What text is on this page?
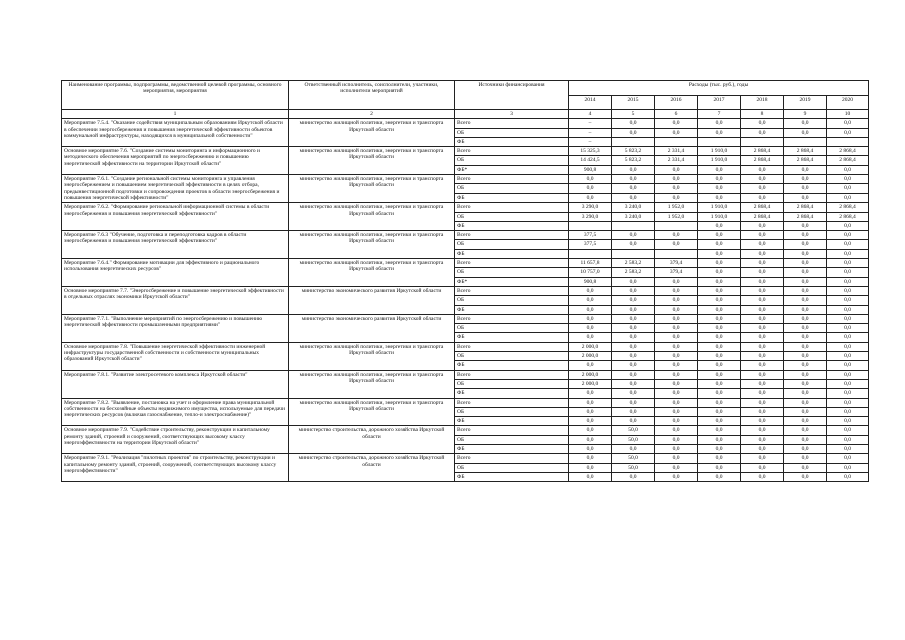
Наименование программы, подпрограммы, ведомственной целевой программы, основного мероприятия, мероприятия	Ответственный исполнитель, соисполнители, участники, исполнители мероприятий	Источники финансирования	Расходы (тыс. руб.), годы						
			2014	2015	2016	2017	2018	2019	2020
1	2	3	4	5	6	7	8	9	10
Мероприятие 7.5.4. "Оказание содействия муниципальным образованиям Иркутской области в обеспечении энергосбережения и повышения энергетической эффективности объектов коммунальной инфраструктуры, находящихся в муниципальной собственности"	министерство жилищной политики, энергетики и транспорта Иркутской области	Всего	–	0,0	0,0	0,0	0,0	0,0	0,0
		ОБ	–	0,0	0,0	0,0	0,0	0,0	0,0
		ФБ	–						
Основное мероприятие 7.6. "Создание системы мониторинга и информационного и методического обеспечения мероприятий по энергосбережению и повышению энергетической эффективности на территории Иркутской области"	министерство жилищной политики, энергетики и транспорта Иркутской области	Всего	15 325,3	5 823,2	2 331,4	1 910,0	2 868,4	2 868,4	2 868,4
		ОБ	14 424,5	5 823,2	2 331,4	1 910,0	2 868,4	2 868,4	2 868,4
		ФБ*	900,8	0,0	0,0	0,0	0,0	0,0	0,0
Мероприятие 7.6.1. "Создание региональной системы мониторинга и управления энергосбережением и повышением энергетической эффективности в целях отбора, предынвестиционной подготовки и сопровождения проектов в области энергосбережения и повышения энергетической эффективности"	министерство жилищной политики, энергетики и транспорта Иркутской области	Всего	0,0	0,0	0,0	0,0	0,0	0,0	0,0
		ОБ	0,0	0,0	0,0	0,0	0,0	0,0	0,0
		ФБ	0,0	0,0	0,0	0,0	0,0	0,0	0,0
Мероприятие 7.6.2. "Формирование региональной информационной системы в области энергосбережения и повышения энергетической эффективности"	министерство жилищной политики, энергетики и транспорта Иркутской области	Всего	3 290,0	3 240,0	1 952,0	1 910,0	2 868,4	2 868,4	2 868,4
		ОБ	3 290,0	3 240,0	1 952,0	1 910,0	2 868,4	2 868,4	2 868,4
		ФБ				0,0	0,0	0,0	0,0
Мероприятие 7.6.3 "Обучение, подготовка и переподготовка кадров в области энергосбережения и повышения энергетической эффективности"	министерство жилищной политики, энергетики и транспорта Иркутской области	Всего	377,5	0,0	0,0	0,0	0,0	0,0	0,0
		ОБ	377,5	0,0	0,0	0,0	0,0	0,0	0,0
		ФБ				0,0	0,0	0,0	0,0
Мероприятие 7.6.4." Формирование мотивации для эффективного и рационального использования энергетических ресурсов"	министерство жилищной политики, энергетики и транспорта Иркутской области	Всего	11 657,8	2 583,2	379,4	0,0	0,0	0,0	0,0
		ОБ	10 757,0	2 583,2	379,4	0,0	0,0	0,0	0,0
		ФБ*	900,8	0,0	0,0	0,0	0,0	0,0	0,0
Основное мероприятие 7.7. "Энергосбережение и повышение энергетической эффективности в отдельных отраслях экономики Иркутской области"	министерство экономического развития Иркутской области	Всего	0,0	0,0	0,0	0,0	0,0	0,0	0,0
		ОБ	0,0	0,0	0,0	0,0	0,0	0,0	0,0
		ФБ	0,0	0,0	0,0	0,0	0,0	0,0	0,0
Мероприятие 7.7.1. "Выполнение мероприятий по энергосбережению и повышению энергетической эффективности промышленными предприятиями"	министерство экономического развития Иркутской области	Всего	0,0	0,0	0,0	0,0	0,0	0,0	0,0
		ОБ	0,0	0,0	0,0	0,0	0,0	0,0	0,0
		ФБ	0,0	0,0	0,0	0,0	0,0	0,0	0,0
Основное мероприятие 7.8. "Повышение энергетической эффективности инженерной инфраструктуры государственной собственности и собственности муниципальных образований Иркутской области"	министерство жилищной политики, энергетики и транспорта Иркутской области	Всего	2 000,0	0,0	0,0	0,0	0,0	0,0	0,0
		ОБ	2 000,0	0,0	0,0	0,0	0,0	0,0	0,0
		ФБ	0,0	0,0	0,0	0,0	0,0	0,0	0,0
Мероприятие 7.8.1. "Развитие электросетевого комплекса Иркутской области"	министерство жилищной политики, энергетики и транспорта Иркутской области	Всего	2 000,0	0,0	0,0	0,0	0,0	0,0	0,0
		ОБ	2 000,0	0,0	0,0	0,0	0,0	0,0	0,0
		ФБ	0,0	0,0	0,0	0,0	0,0	0,0	0,0
Мероприятие 7.8.2. "Выявление, постановка на учет и оформление права муниципальной собственности на бесхозяйные объекты недвижимого имущества, используемые для передачи энергетических ресурсов (включая газоснабжение, тепло-и электроснабжение)"	министерство жилищной политики, энергетики и транспорта Иркутской области	Всего	0,0	0,0	0,0	0,0	0,0	0,0	0,0
		ОБ	0,0	0,0	0,0	0,0	0,0	0,0	0,0
		ФБ	0,0	0,0	0,0	0,0	0,0	0,0	0,0
Основное мероприятие 7.9. "Содействие строительству, реконструкции и капитальному ремонту зданий, строений и сооружений, соответствующих высокому классу энергоэффективности на территории Иркутской области"	министерство строительства, дорожного хозяйства Иркутской области	Всего	0,0	50,0	0,0	0,0	0,0	0,0	0,0
		ОБ	0,0	50,0	0,0	0,0	0,0	0,0	0,0
		ФБ	0,0	0,0	0,0	0,0	0,0	0,0	0,0
Мероприятие 7.9.1. "Реализация "пилотных проектов" по строительству, реконструкции и капитальному ремонту зданий, строений, сооружений, соответствующих высокому классу энергоэффективности"	министерство строительства, дорожного хозяйства Иркутской области	Всего	0,0	50,0	0,0	0,0	0,0	0,0	0,0
		ОБ	0,0	50,0	0,0	0,0	0,0	0,0	0,0
		ФБ	0,0	0,0	0,0	0,0	0,0	0,0	0,0
